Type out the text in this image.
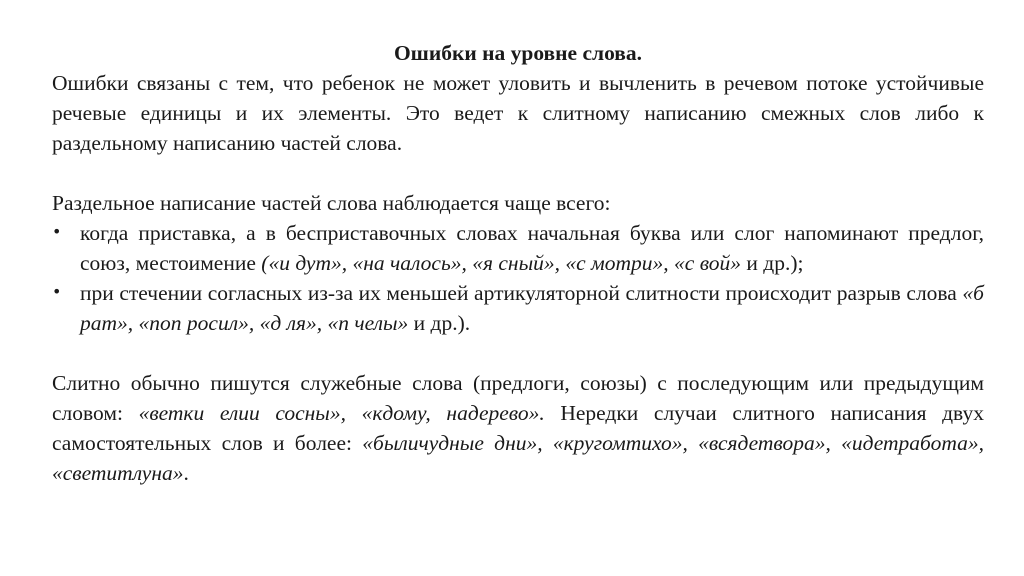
Ошибки на уровне слова.

Ошибки связаны с тем, что ребенок не может уловить и вычленить в речевом потоке устойчивые речевые единицы и их элементы. Это ведет к слитному написанию смежных слов либо к раздельному написанию частей слова.

Раздельное написание частей слова наблюдается чаще всего:

• когда приставка, а в бесприставочных словах начальная буква или слог напоминают предлог, союз, местоимение («и дут», «на чалось», «я сный», «с мотри», «с вой» и др.);
• при стечении согласных из-за их меньшей артикуляторной слитности происходит разрыв слова «б рат», «поп росил», «д ля», «п челы» и др.).

Слитно обычно пишутся служебные слова (предлоги, союзы) с последующим или предыдущим словом: «ветки елии сосны», «кдому, надерево». Нередки случаи слитного написания двух самостоятельных слов и более: «быличудные дни», «кругомтихо», «всядетвора», «идетработа», «светитлуна».
